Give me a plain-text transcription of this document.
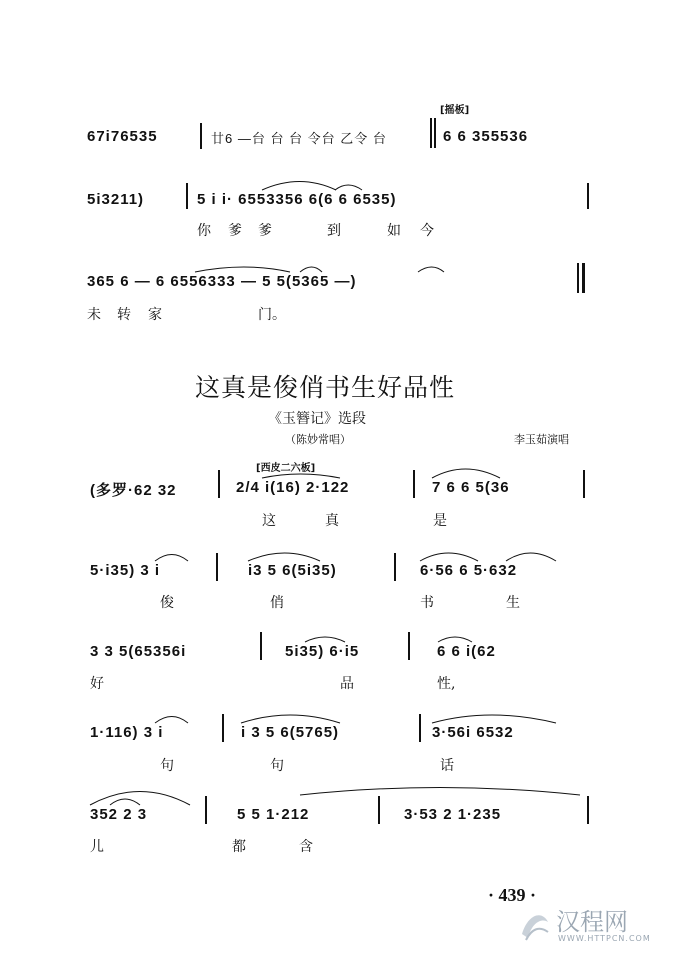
[摇板]
67i76535	廿6 —台 台 台 令台 乙令 台	6 6 355536
5i3211)	5 i i· 6553356 6(6 6 6535)
你 爹 爹	到	如 今
365 6 — 6 6556333 — 5 5(5365 —)
未 转 家	门。
这真是俊俏书生好品性
《玉簪记》选段
（陈妙常唱）	李玉茹演唱
[西皮二六板]
(多罗·62 32	2/4 i(16) 2·122	7 6 6 5(36
这	真	是
5·i35) 3 i	i3 5 6(5i35)	6·56 6 5·632
俊	俏	书	生
3 3 5(65356i	5i35) 6·i5	6 6 i(62
好	品	性,
1·116) 3 i	i 3 5 6(5765)	3·56i 6532
句	句	话
352 2 3	5 5 1·212	3·53 2 1·235
儿	都	含
· 439 ·
汉程网
WWW.HTTPCN.COM
